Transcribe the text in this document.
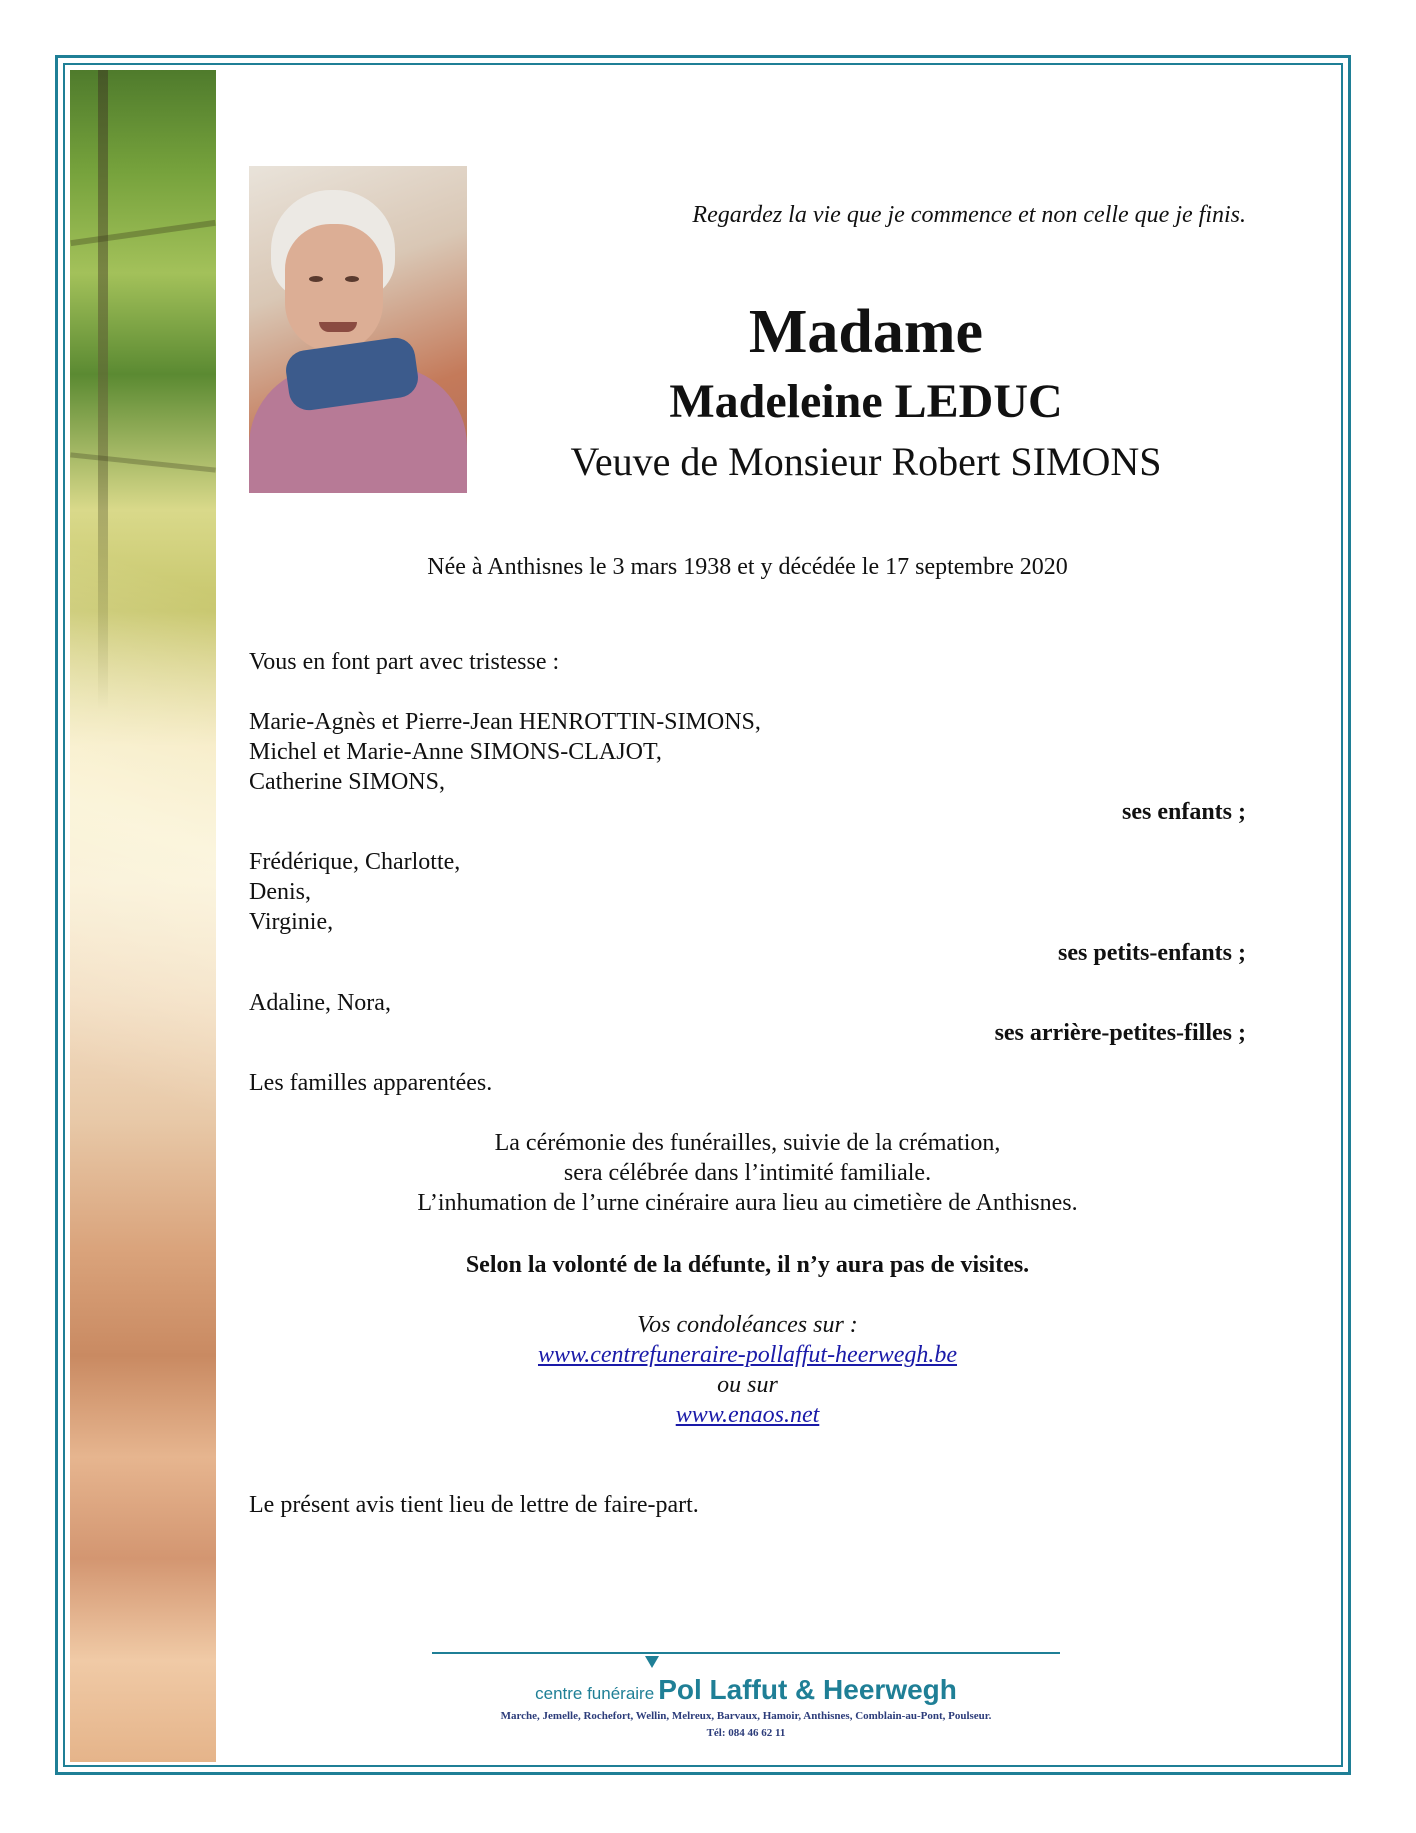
Regardez la vie que je commence et non celle que je finis.
Madame
Madeleine LEDUC
Veuve de Monsieur Robert SIMONS
Née à Anthisnes le 3 mars 1938 et y décédée le 17 septembre 2020
Vous en font part avec tristesse :
Marie-Agnès et Pierre-Jean HENROTTIN-SIMONS,
Michel et Marie-Anne SIMONS-CLAJOT,
Catherine SIMONS,
ses enfants ;
Frédérique, Charlotte,
Denis,
Virginie,
ses petits-enfants ;
Adaline, Nora,
ses arrière-petites-filles ;
Les familles apparentées.
La cérémonie des funérailles, suivie de la crémation,
sera célébrée dans l’intimité familiale.
L’inhumation de l’urne cinéraire aura lieu au cimetière de Anthisnes.
Selon la volonté de la défunte, il n’y aura pas de visites.
Vos condoléances sur :
www.centrefuneraire-pollaffut-heerwegh.be
ou sur
www.enaos.net
Le présent avis tient lieu de lettre de faire-part.
centre funéraire Pol Laffut & Heerwegh
Marche, Jemelle, Rochefort, Wellin, Melreux, Barvaux, Hamoir, Anthisnes, Comblain-au-Pont, Poulseur.
Tél: 084 46 62 11
